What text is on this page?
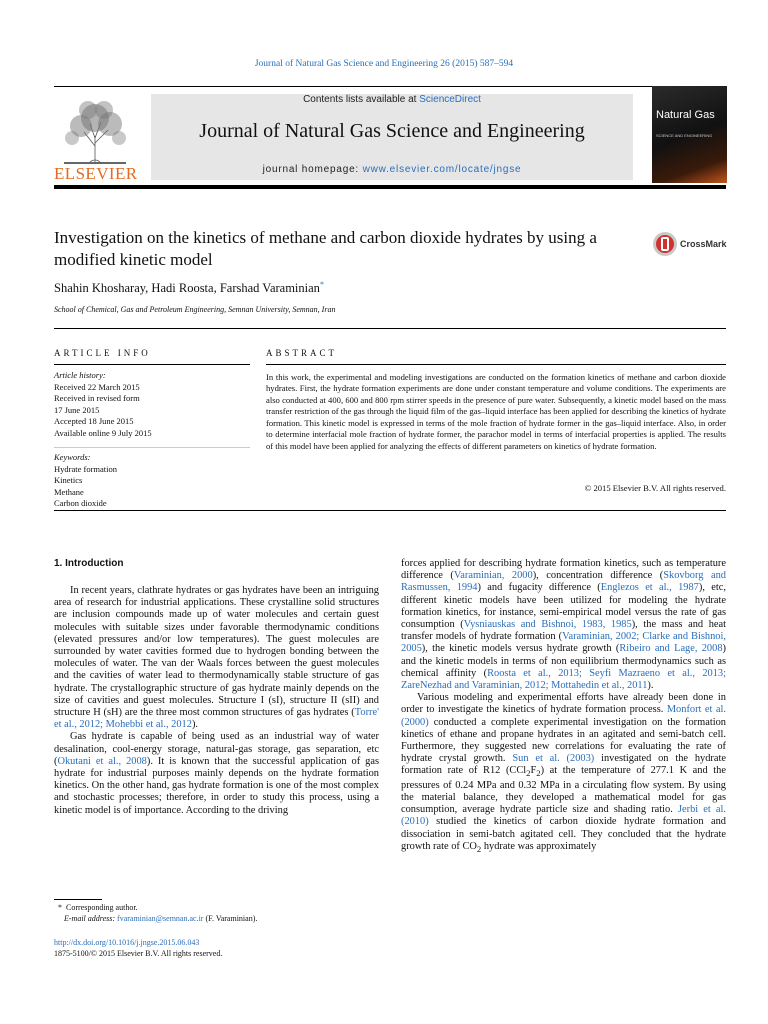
Journal of Natural Gas Science and Engineering 26 (2015) 587–594
ELSEVIER
Contents lists available at ScienceDirect
Journal of Natural Gas Science and Engineering
journal homepage: www.elsevier.com/locate/jngse
Natural Gas
SCIENCE AND ENGINEERING
Investigation on the kinetics of methane and carbon dioxide hydrates by using a modified kinetic model
CrossMark
Shahin Khosharay, Hadi Roosta, Farshad Varaminian*
School of Chemical, Gas and Petroleum Engineering, Semnan University, Semnan, Iran
ARTICLE INFO
Article history:
Received 22 March 2015
Received in revised form
17 June 2015
Accepted 18 June 2015
Available online 9 July 2015
Keywords:
Hydrate formation
Kinetics
Methane
Carbon dioxide
ABSTRACT
In this work, the experimental and modeling investigations are conducted on the formation kinetics of methane and carbon dioxide hydrates. First, the hydrate formation experiments are done under constant temperature and volume conditions. The experiments are also conducted at 400, 600 and 800 rpm stirrer speeds in the presence of pure water. Subsequently, a kinetic model based on the mass transfer restriction of the gas through the liquid film of the gas–liquid interface has been applied for describing the kinetics of hydrate formation. This kinetic model is expressed in terms of the mole fraction of hydrate former in the gas–liquid interface. Also, in order to determine interfacial mole fraction of hydrate former, the parachor model in terms of interfacial properties is applied. The results of this model have been applied for analyzing the effects of different parameters on kinetics of hydrate formation.
© 2015 Elsevier B.V. All rights reserved.
1. Introduction

In recent years, clathrate hydrates or gas hydrates have been an intriguing area of research for industrial applications. These crystalline solid structures are inclusion compounds made up of water molecules and certain guest molecules with suitable sizes under favorable thermodynamic conditions (elevated pressures and/or low temperatures). The guest molecules are surrounded by water cavities formed due to hydrogen bonding between the molecules of water. The van der Waals forces between the guest molecules and the cavities of water lead to thermodynamically stable structure of gas hydrate. The crystallographic structure of gas hydrate mainly depends on the size of cavities and guest molecules. Structure I (sI), structure II (sII) and structure H (sH) are the three most common structures of gas hydrates (Torre' et al., 2012; Mohebbi et al., 2012).

Gas hydrate is capable of being used as an industrial way of water desalination, cool-energy storage, natural-gas storage, gas separation, etc (Okutani et al., 2008). It is known that the successful application of gas hydrate for industrial purposes mainly depends on the hydrate formation kinetics. On the other hand, gas hydrate formation is one of the most complex and stochastic processes; therefore, in order to study this process, using a kinetic model is of importance. According to the driving

forces applied for describing hydrate formation kinetics, such as temperature difference (Varaminian, 2000), concentration difference (Skovborg and Rasmussen, 1994) and fugacity difference (Englezos et al., 1987), etc, different kinetic models have been utilized for modeling the hydrate formation kinetics, for instance, semi-empirical model versus the rate of gas consumption (Vysniauskas and Bishnoi, 1983, 1985), the mass and heat transfer models of hydrate formation (Varaminian, 2002; Clarke and Bishnoi, 2005), the kinetic models versus hydrate growth (Ribeiro and Lage, 2008) and the kinetic models in terms of non equilibrium thermodynamics such as chemical affinity (Roosta et al., 2013; Seyfi Mazraeno et al., 2013; ZareNezhad and Varaminian, 2012; Mottahedin et al., 2011).

Various modeling and experimental efforts have already been done in order to investigate the kinetics of hydrate formation process. Monfort et al. (2000) conducted a complete experimental investigation on the formation kinetics of ethane and propane hydrates in an agitated and semi-batch cell. Furthermore, they suggested new correlations for evaluating the rate of hydrate crystal growth. Sun et al. (2003) investigated on the hydrate formation rate of R12 $(CCl_2F_2)$ at the temperature of 277.1 K and the pressures of 0.24 MPa and 0.32 MPa in a circulating flow system. By using the material balance, they developed a mathematical model for gas consumption, average hydrate particle size and shading ratio. Jerbi et al. (2010) studied the kinetics of carbon dioxide hydrate formation and dissociation in semi-batch agitated cell. They concluded that the hydrate growth rate of $CO_2$ hydrate was approximately

* Corresponding author.
E-mail address: fvaraminian@semnan.ac.ir (F. Varaminian).
http://dx.doi.org/10.1016/j.jngse.2015.06.043
1875-5100/© 2015 Elsevier B.V. All rights reserved.
